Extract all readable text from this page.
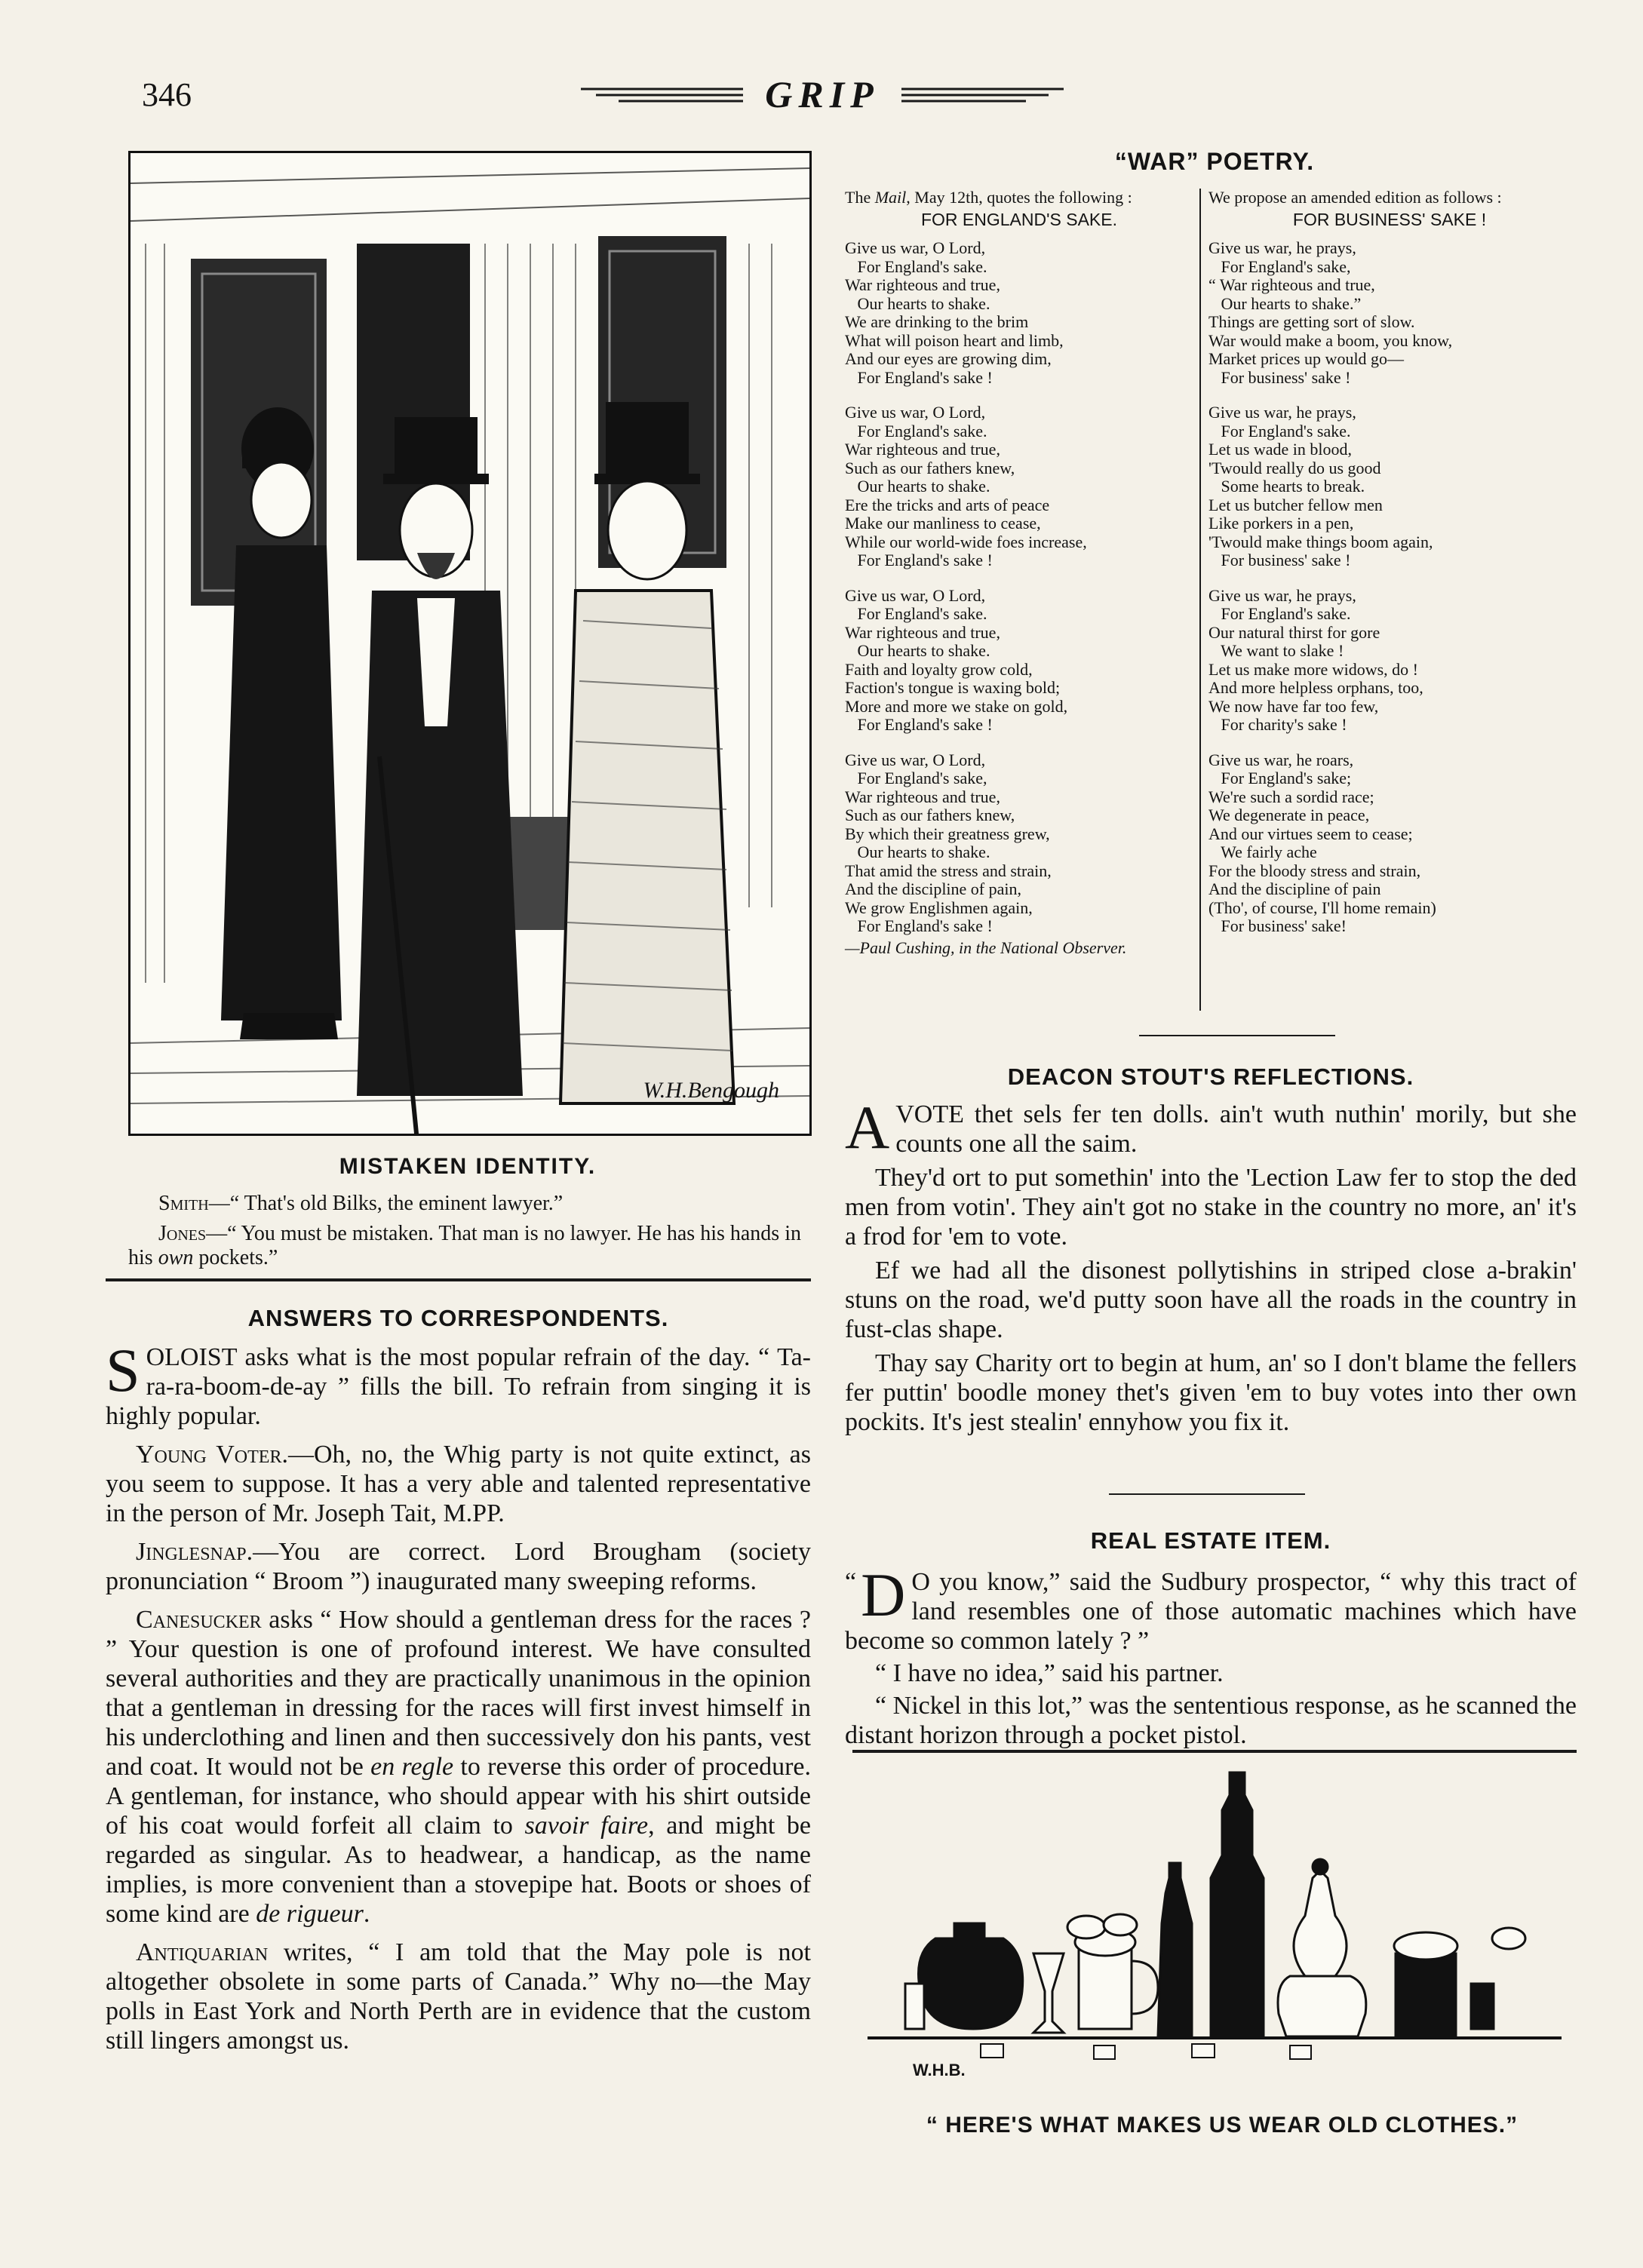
346	GRIP
W.H.Bengough
MISTAKEN IDENTITY.

Smith—“ That's old Bilks, the eminent lawyer.”

Jones—“ You must be mistaken. That man is no lawyer. He has his hands in his own pockets.”

ANSWERS TO CORRESPONDENTS.

SOLOIST asks what is the most popular refrain of the day. “ Ta-ra-ra-boom-de-ay ” fills the bill. To refrain from singing it is highly popular.

Young Voter.—Oh, no, the Whig party is not quite extinct, as you seem to suppose. It has a very able and talented representative in the person of Mr. Joseph Tait, M.PP.

Jinglesnap.—You are correct. Lord Brougham (society pronunciation “ Broom ”) inaugurated many sweeping reforms.

Canesucker asks “ How should a gentleman dress for the races ? ” Your question is one of profound interest. We have consulted several authorities and they are practically unanimous in the opinion that a gentleman in dressing for the races will first invest himself in his underclothing and linen and then successively don his pants, vest and coat. It would not be en regle to reverse this order of procedure. A gentleman, for instance, who should appear with his shirt outside of his coat would forfeit all claim to savoir faire, and might be regarded as singular. As to headwear, a handicap, as the name implies, is more convenient than a stovepipe hat. Boots or shoes of some kind are de rigueur.

Antiquarian writes, “ I am told that the May pole is not altogether obsolete in some parts of Canada.” Why no—the May polls in East York and North Perth are in evidence that the custom still lingers amongst us.

“WAR” POETRY.

The Mail, May 12th, quotes the following :

FOR ENGLAND'S SAKE.

Give us war, O Lord,
For England's sake.
War righteous and true,
Our hearts to shake.
We are drinking to the brim
What will poison heart and limb,
And our eyes are growing dim,
For England's sake !
Give us war, O Lord,
For England's sake.
War righteous and true,
Such as our fathers knew,
Our hearts to shake.
Ere the tricks and arts of peace
Make our manliness to cease,
While our world-wide foes increase,
For England's sake !
Give us war, O Lord,
For England's sake.
War righteous and true,
Our hearts to shake.
Faith and loyalty grow cold,
Faction's tongue is waxing bold;
More and more we stake on gold,
For England's sake !
Give us war, O Lord,
For England's sake,
War righteous and true,
Such as our fathers knew,
By which their greatness grew,
Our hearts to shake.
That amid the stress and strain,
And the discipline of pain,
We grow Englishmen again,
For England's sake !

—Paul Cushing, in the National Observer.

We propose an amended edition as follows :

FOR BUSINESS' SAKE !

Give us war, he prays,
For England's sake,
“ War righteous and true,
Our hearts to shake.”
Things are getting sort of slow.
War would make a boom, you know,
Market prices up would go—
For business' sake !
Give us war, he prays,
For England's sake.
Let us wade in blood,
'Twould really do us good
Some hearts to break.
Let us butcher fellow men
Like porkers in a pen,
'Twould make things boom again,
For business' sake !
Give us war, he prays,
For England's sake.
Our natural thirst for gore
We want to slake !
Let us make more widows, do !
And more helpless orphans, too,
We now have far too few,
For charity's sake !
Give us war, he roars,
For England's sake;
We're such a sordid race;
We degenerate in peace,
And our virtues seem to cease;
We fairly ache
For the bloody stress and strain,
And the discipline of pain
(Tho', of course, I'll home remain)
For business' sake!
DEACON STOUT'S REFLECTIONS.

AVOTE thet sels fer ten dolls. ain't wuth nuthin' morily, but she counts one all the saim.

They'd ort to put somethin' into the 'Lection Law fer to stop the ded men from votin'. They ain't got no stake in the country no more, an' it's a frod for 'em to vote.

Ef we had all the disonest pollytishins in striped close a-brakin' stuns on the road, we'd putty soon have all the roads in the country in fust-clas shape.

Thay say Charity ort to begin at hum, an' so I don't blame the fellers fer puttin' boodle money thet's given 'em to buy votes into ther own pockits. It's jest stealin' ennyhow you fix it.

REAL ESTATE ITEM.

“ D O you know,” said the Sudbury prospector, “ why this tract of land resembles one of those automatic machines which have become so common lately ? ”

“ I have no idea,” said his partner.

“ Nickel in this lot,” was the sententious response, as he scanned the distant horizon through a pocket pistol.

W.H.B.
“ HERE'S WHAT MAKES US WEAR OLD CLOTHES.”
